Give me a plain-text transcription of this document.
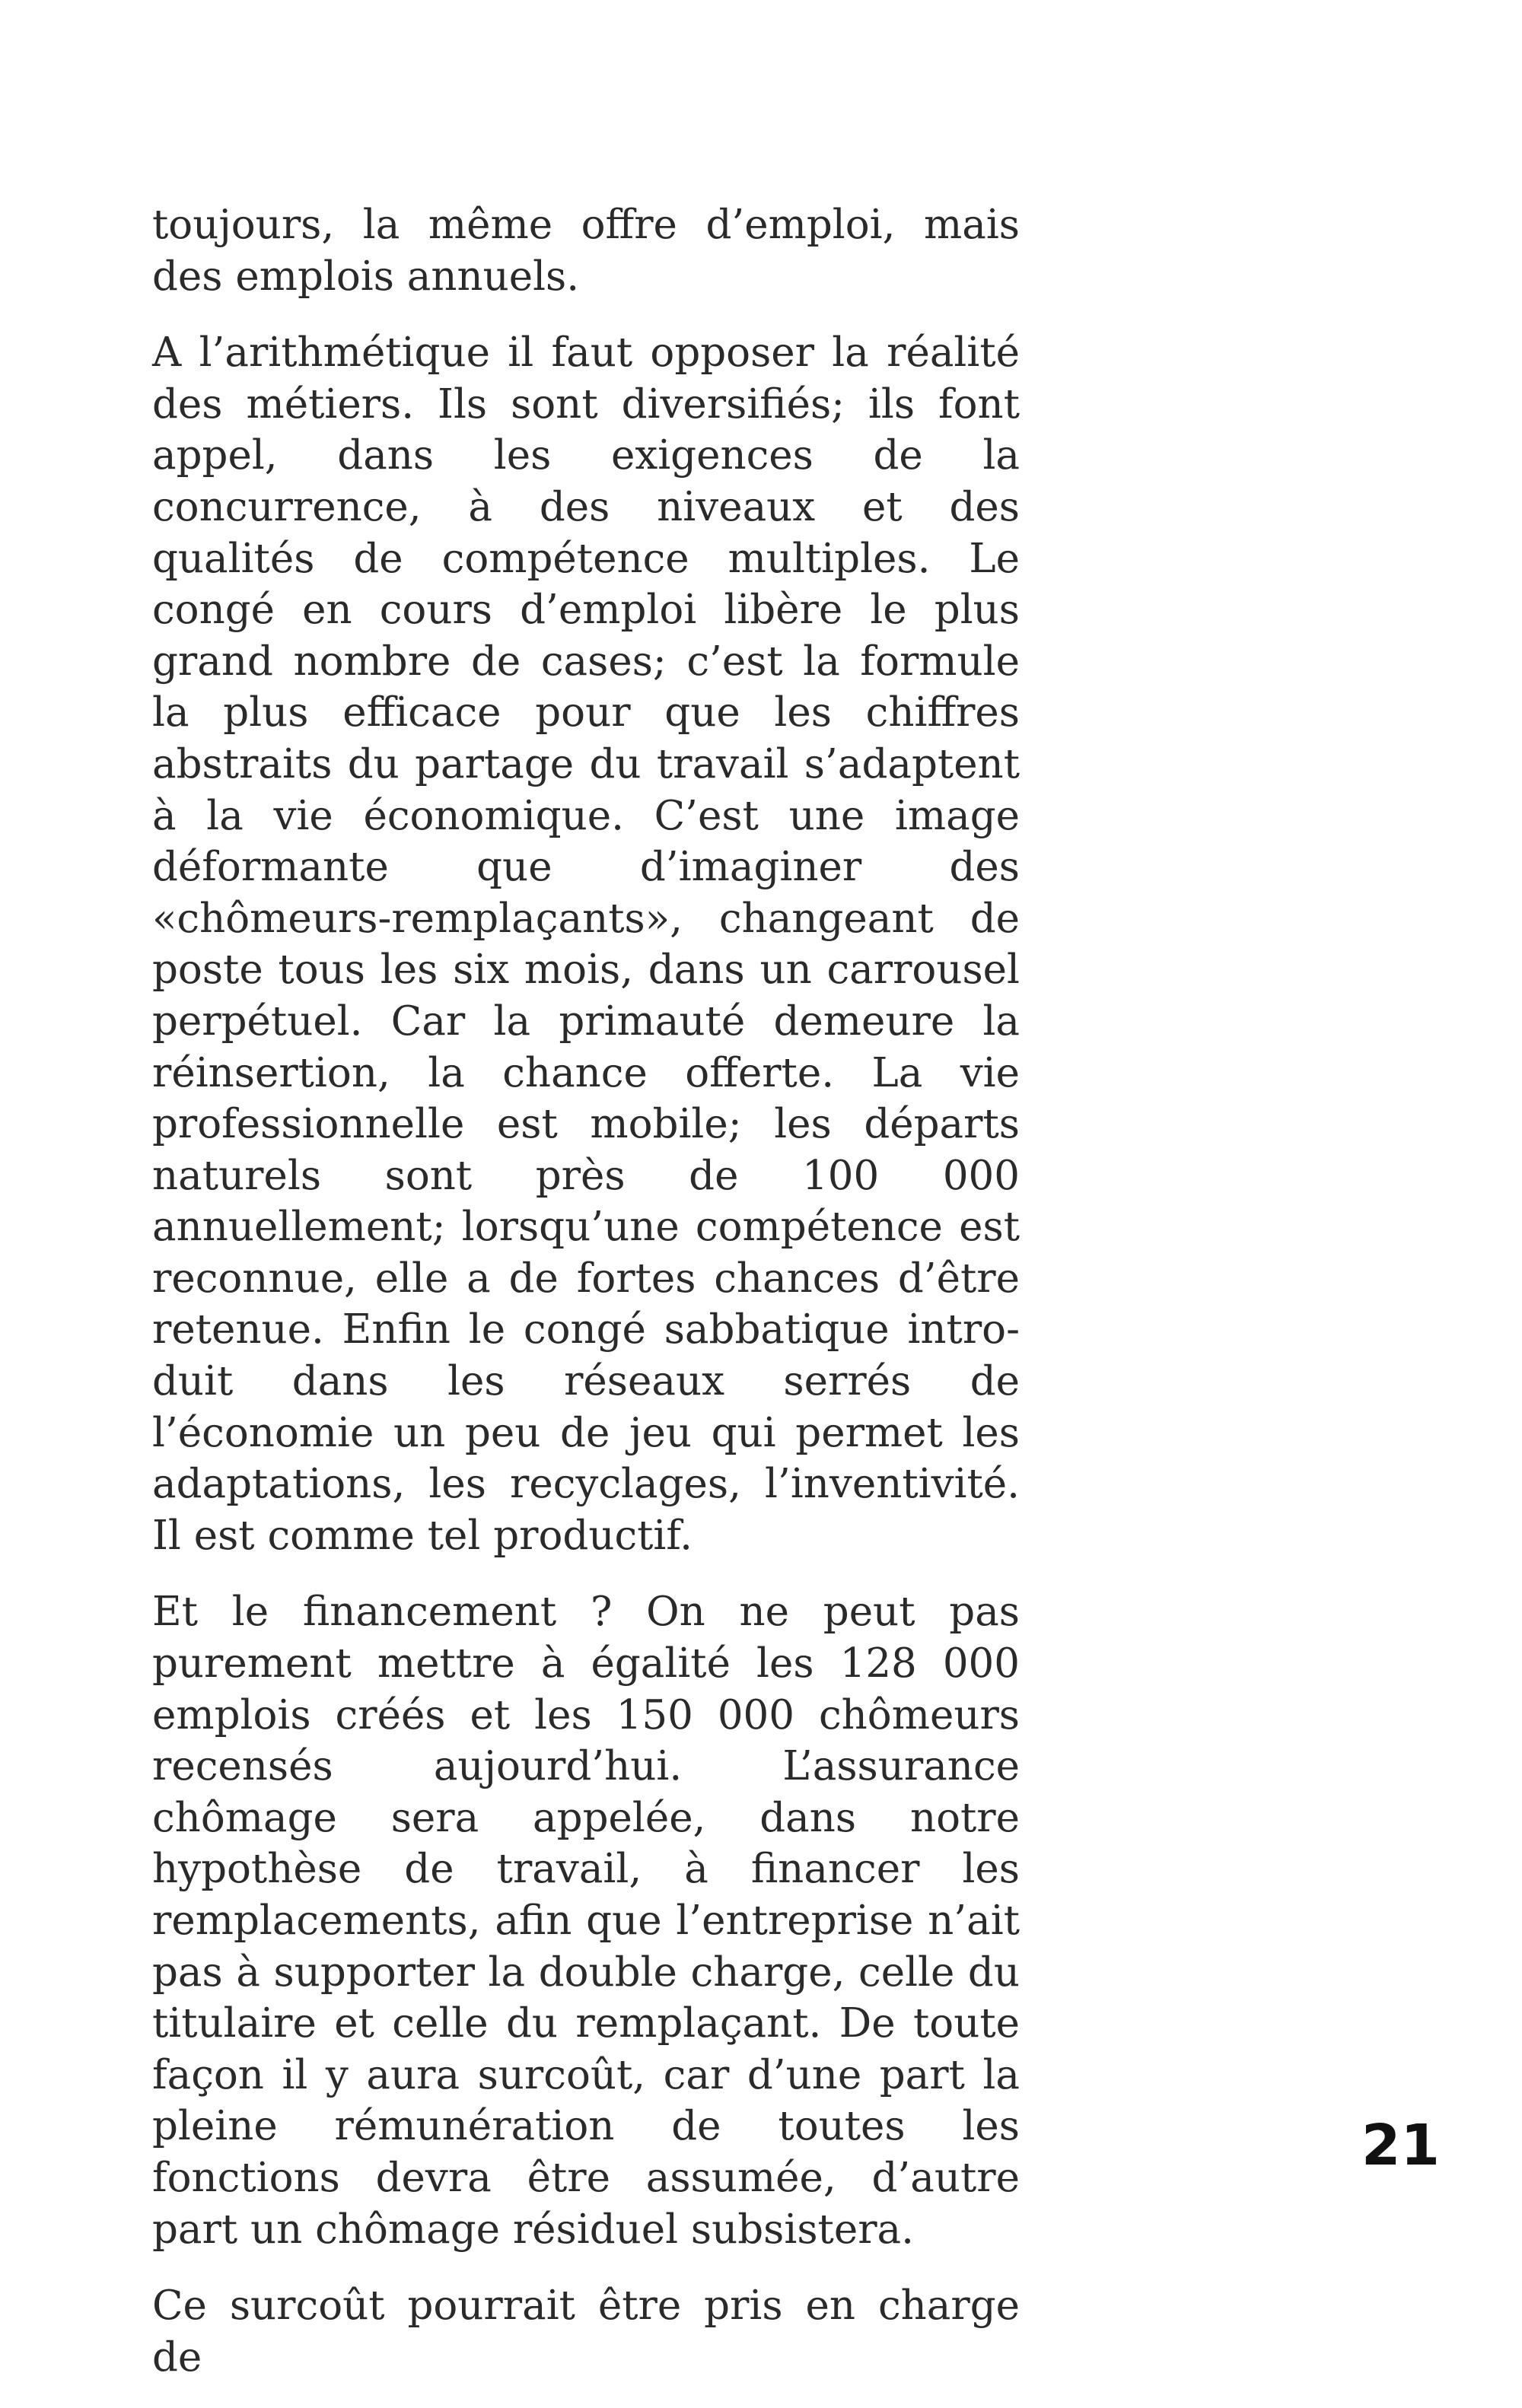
toujours, la même offre d’emploi, mais des emplois annuels.

A l’arithmétique il faut opposer la réalité des métiers. Ils sont diversifiés; ils font appel, dans les exigences de la concurrence, à des niveaux et des qualités de compétence multiples. Le congé en cours d’emploi libère le plus grand nombre de cases; c’est la formule la plus efficace pour que les chiffres abstraits du partage du travail s’adaptent à la vie économique. C’est une image déformante que d’imaginer des «chômeurs-remplaçants», changeant de poste tous les six mois, dans un carrousel perpétuel. Car la primauté demeure la réinsertion, la chance offerte. La vie professionnelle est mobile; les départs naturels sont près de 100 000 annuellement; lorsqu’une compétence est reconnue, elle a de fortes chances d’être retenue. Enfin le congé sabbatique introduit dans les réseaux serrés de l’économie un peu de jeu qui permet les adaptations, les recyclages, l’inventivité. Il est comme tel productif.

Et le financement ? On ne peut pas purement mettre à égalité les 128 000 emplois créés et les 150 000 chômeurs recensés aujourd’hui. L’assurance chômage sera appelée, dans notre hypothèse de travail, à financer les remplacements, afin que l’entreprise n’ait pas à supporter la double charge, celle du titulaire et celle du remplaçant. De toute façon il y aura surcoût, car d’une part la pleine rémunération de toutes les fonctions devra être assumée, d’autre part un chômage résiduel subsistera.

Ce surcoût pourrait être pris en charge de

21
